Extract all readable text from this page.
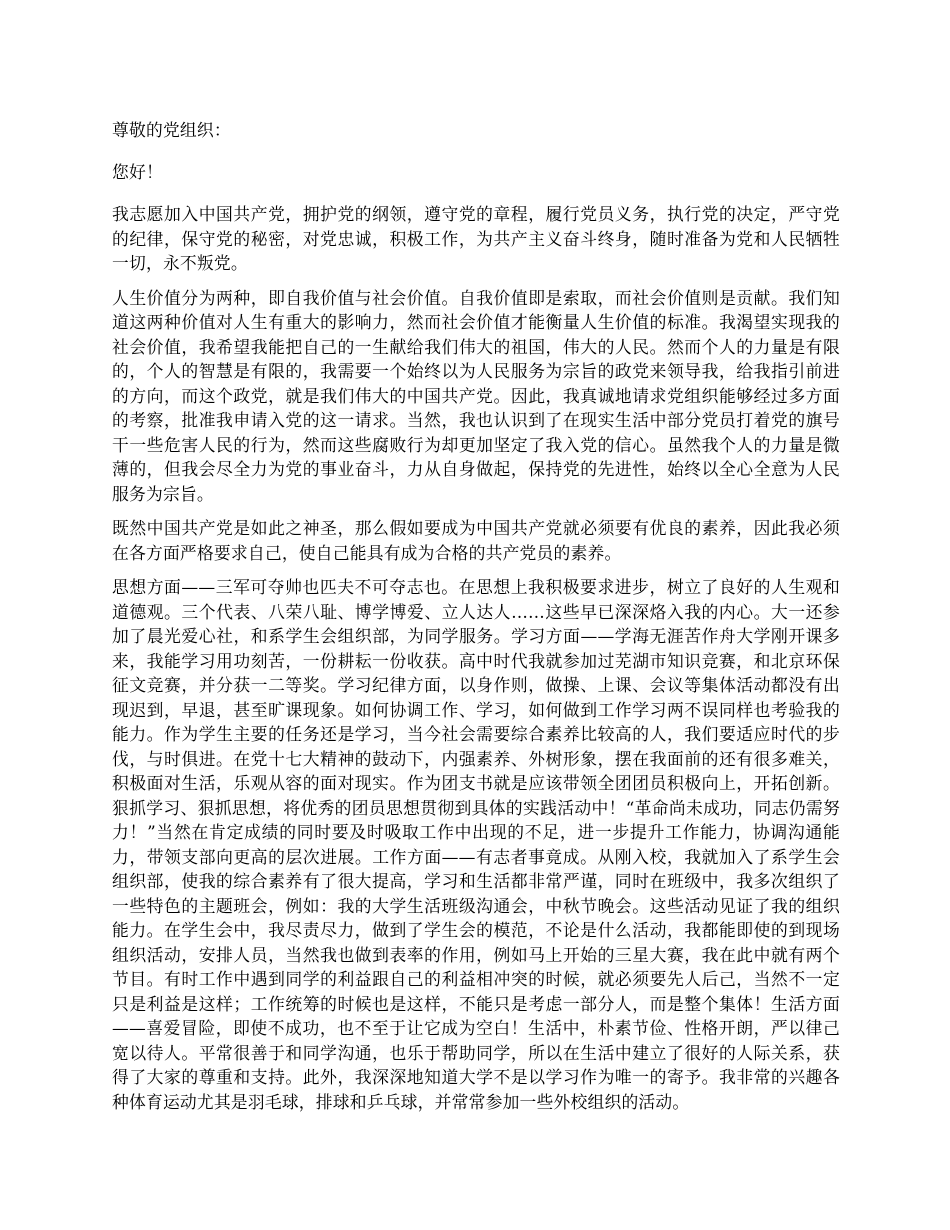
尊敬的党组织：

您好！

我志愿加入中国共产党，拥护党的纲领，遵守党的章程，履行党员义务，执行党的决定，严守党的纪律，保守党的秘密，对党忠诚，积极工作，为共产主义奋斗终身，随时准备为党和人民牺牲一切，永不叛党。

人生价值分为两种，即自我价值与社会价值。自我价值即是索取，而社会价值则是贡献。我们知道这两种价值对人生有重大的影响力，然而社会价值才能衡量人生价值的标准。我渴望实现我的社会价值，我希望我能把自己的一生献给我们伟大的祖国，伟大的人民。然而个人的力量是有限的，个人的智慧是有限的，我需要一个始终以为人民服务为宗旨的政党来领导我，给我指引前进的方向，而这个政党，就是我们伟大的中国共产党。因此，我真诚地请求党组织能够经过多方面的考察，批准我申请入党的这一请求。当然，我也认识到了在现实生活中部分党员打着党的旗号干一些危害人民的行为，然而这些腐败行为却更加坚定了我入党的信心。虽然我个人的力量是微薄的，但我会尽全力为党的事业奋斗，力从自身做起，保持党的先进性，始终以全心全意为人民服务为宗旨。

既然中国共产党是如此之神圣，那么假如要成为中国共产党就必须要有优良的素养，因此我必须在各方面严格要求自己，使自己能具有成为合格的共产党员的素养。

思想方面——三军可夺帅也匹夫不可夺志也。在思想上我积极要求进步，树立了良好的人生观和道德观。三个代表、八荣八耻、博学博爱、立人达人……这些早已深深烙入我的内心。大一还参加了晨光爱心社，和系学生会组织部，为同学服务。学习方面——学海无涯苦作舟大学刚开课多来，我能学习用功刻苦，一份耕耘一份收获。高中时代我就参加过芜湖市知识竞赛，和北京环保征文竞赛，并分获一二等奖。学习纪律方面，以身作则，做操、上课、会议等集体活动都没有出现迟到，早退，甚至旷课现象。如何协调工作、学习，如何做到工作学习两不误同样也考验我的能力。作为学生主要的任务还是学习，当今社会需要综合素养比较高的人，我们要适应时代的步伐，与时俱进。在党十七大精神的鼓动下，内强素养、外树形象，摆在我面前的还有很多难关，积极面对生活，乐观从容的面对现实。作为团支书就是应该带领全团团员积极向上，开拓创新。狠抓学习、狠抓思想，将优秀的团员思想贯彻到具体的实践活动中！“革命尚未成功，同志仍需努力！”当然在肯定成绩的同时要及时吸取工作中出现的不足，进一步提升工作能力，协调沟通能力，带领支部向更高的层次进展。工作方面——有志者事竟成。从刚入校，我就加入了系学生会组织部，使我的综合素养有了很大提高，学习和生活都非常严谨，同时在班级中，我多次组织了一些特色的主题班会，例如：我的大学生活班级沟通会，中秋节晚会。这些活动见证了我的组织能力。在学生会中，我尽责尽力，做到了学生会的模范，不论是什么活动，我都能即使的到现场组织活动，安排人员，当然我也做到表率的作用，例如马上开始的三星大赛，我在此中就有两个节目。有时工作中遇到同学的利益跟自己的利益相冲突的时候，就必须要先人后己，当然不一定只是利益是这样；工作统筹的时候也是这样，不能只是考虑一部分人，而是整个集体！生活方面——喜爱冒险，即使不成功，也不至于让它成为空白！生活中，朴素节俭、性格开朗，严以律己宽以待人。平常很善于和同学沟通，也乐于帮助同学，所以在生活中建立了很好的人际关系，获得了大家的尊重和支持。此外，我深深地知道大学不是以学习作为唯一的寄予。我非常的兴趣各种体育运动尤其是羽毛球，排球和乒乓球，并常常参加一些外校组织的活动。
